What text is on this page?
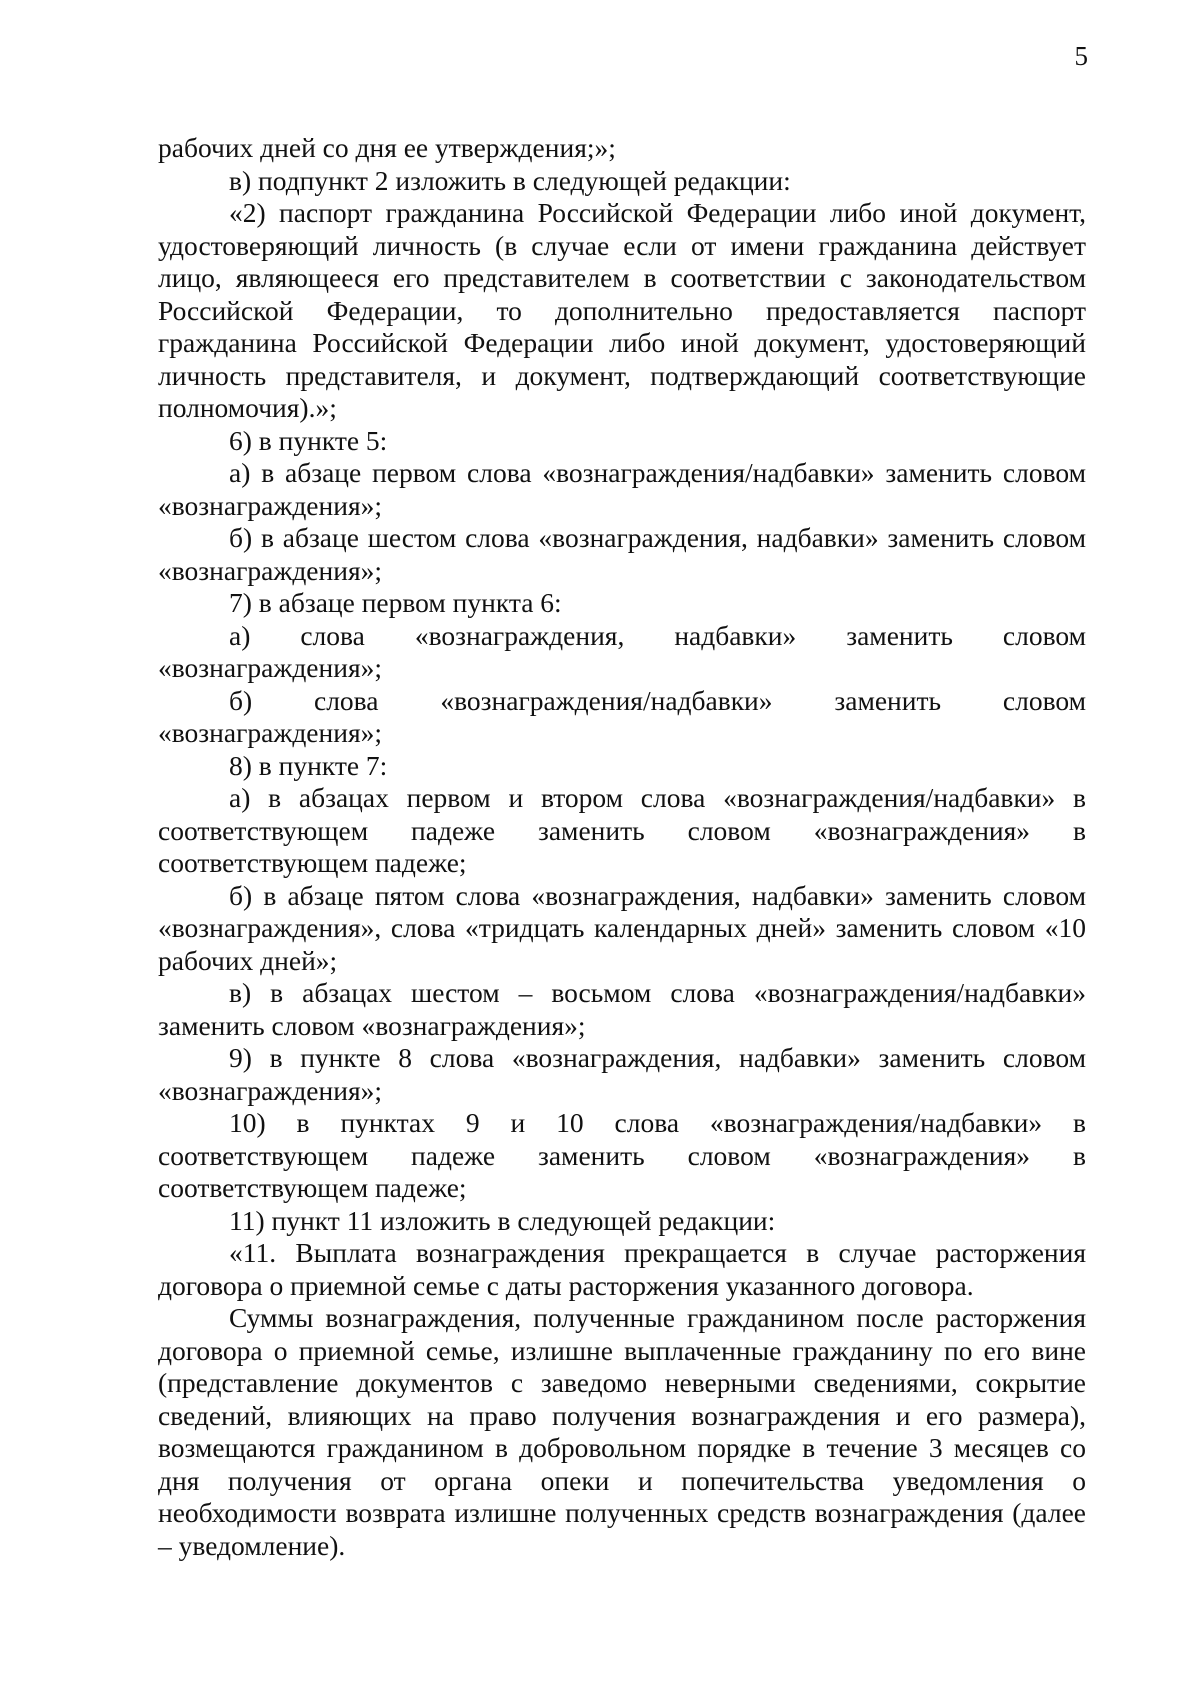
5

рабочих дней со дня ее утверждения;»;

в) подпункт 2 изложить в следующей редакции:

«2) паспорт гражданина Российской Федерации либо иной документ, удостоверяющий личность (в случае если от имени гражданина действует лицо, являющееся его представителем в соответствии с законодательством Российской Федерации, то дополнительно предоставляется паспорт гражданина Российской Федерации либо иной документ, удостоверяющий личность представителя, и документ, подтверждающий соответствующие полномочия).»;

6) в пункте 5:

а) в абзаце первом слова «вознаграждения/надбавки» заменить словом «вознаграждения»;

б) в абзаце шестом слова «вознаграждения, надбавки» заменить словом «вознаграждения»;

7) в абзаце первом пункта 6:

а) слова «вознаграждения, надбавки» заменить словом «вознаграждения»;

б) слова «вознаграждения/надбавки» заменить словом «вознаграждения»;

8) в пункте 7:

а) в абзацах первом и втором слова «вознаграждения/надбавки» в соответствующем падеже заменить словом «вознаграждения» в соответствующем падеже;

б) в абзаце пятом слова «вознаграждения, надбавки» заменить словом «вознаграждения», слова «тридцать календарных дней» заменить словом «10 рабочих дней»;

в) в абзацах шестом – восьмом слова «вознаграждения/надбавки» заменить словом «вознаграждения»;

9) в пункте 8 слова «вознаграждения, надбавки» заменить словом «вознаграждения»;

10) в пунктах 9 и 10 слова «вознаграждения/надбавки» в соответствующем падеже заменить словом «вознаграждения» в соответствующем падеже;

11) пункт 11 изложить в следующей редакции:

«11. Выплата вознаграждения прекращается в случае расторжения договора о приемной семье с даты расторжения указанного договора.

Суммы вознаграждения, полученные гражданином после расторжения договора о приемной семье, излишне выплаченные гражданину по его вине (представление документов с заведомо неверными сведениями, сокрытие сведений, влияющих на право получения вознаграждения и его размера), возмещаются гражданином в добровольном порядке в течение 3 месяцев со дня получения от органа опеки и попечительства уведомления о необходимости возврата излишне полученных средств вознаграждения (далее – уведомление).
